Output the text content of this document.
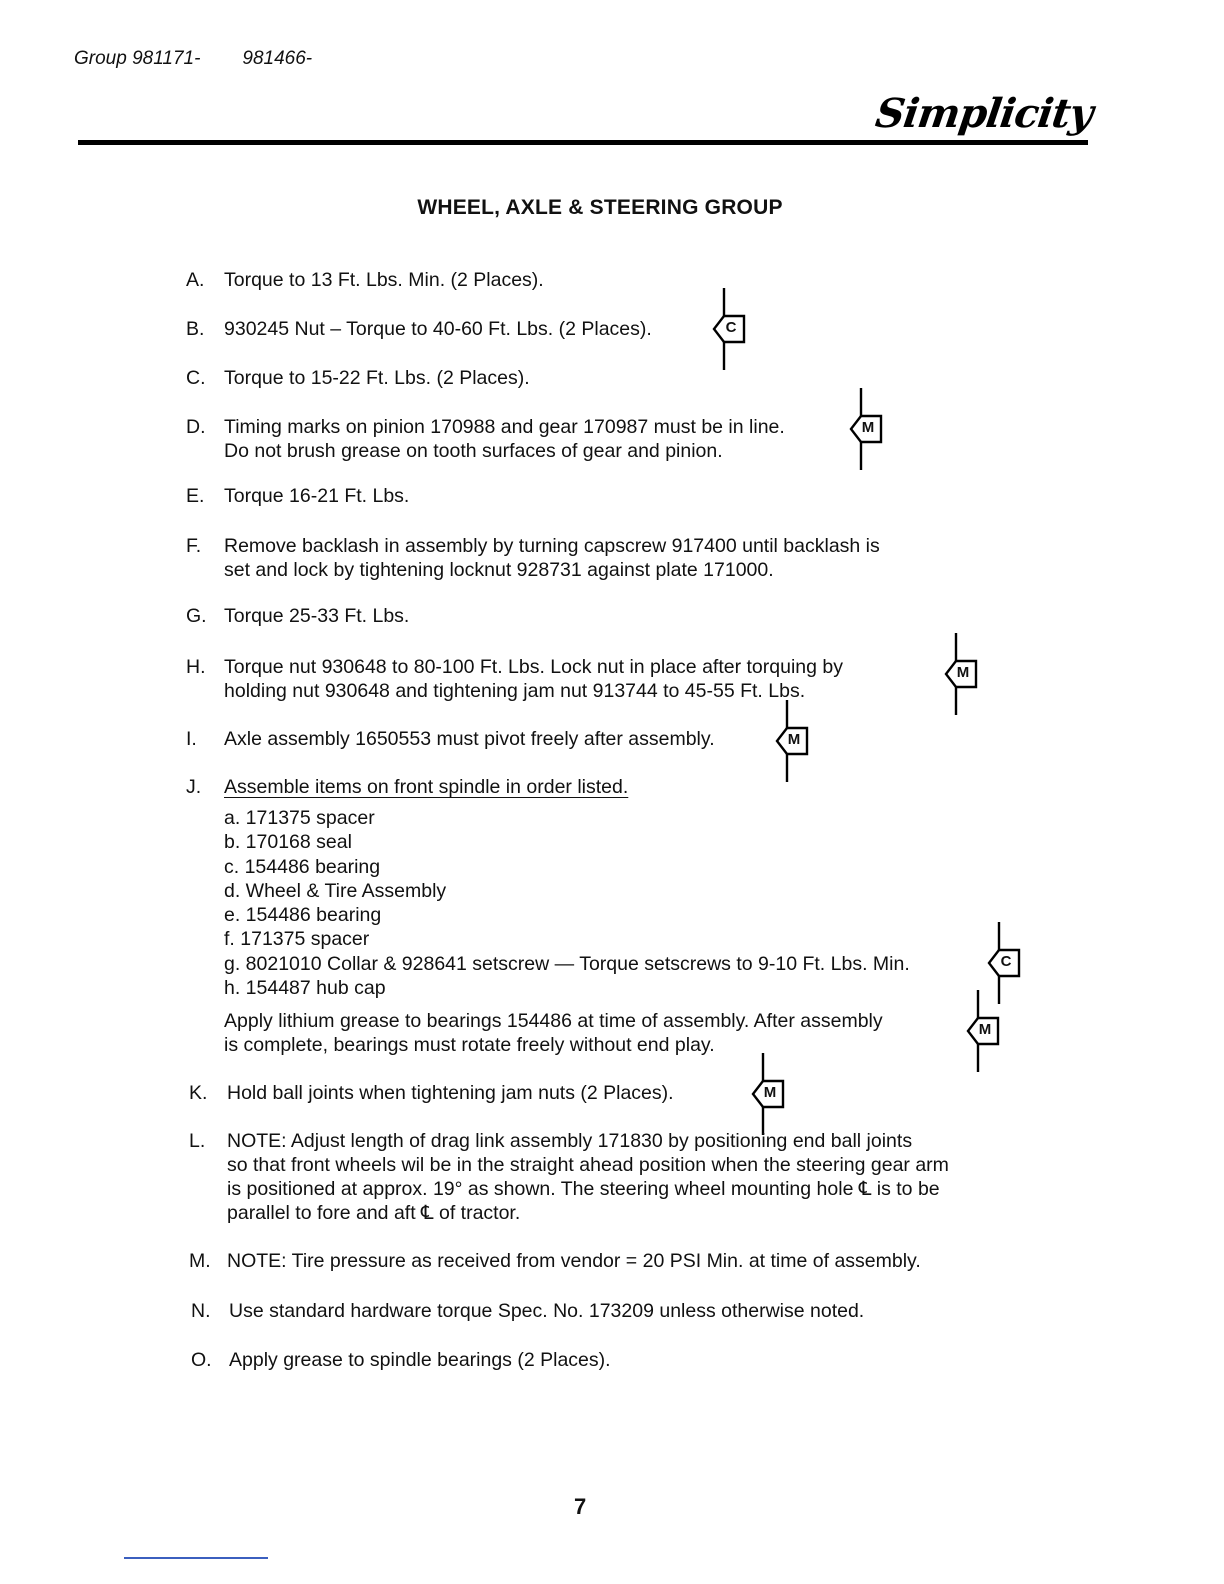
Group 981171- 981466-
Simplicity
WHEEL, AXLE & STEERING GROUP
A. Torque to 13 Ft. Lbs. Min. (2 Places).
B. 930245 Nut – Torque to 40-60 Ft. Lbs. (2 Places).	C
C. Torque to 15-22 Ft. Lbs. (2 Places).
D. Timing marks on pinion 170988 and gear 170987 must be in line.
Do not brush grease on tooth surfaces of gear and pinion.
M
E. Torque 16-21 Ft. Lbs.
F. Remove backlash in assembly by turning capscrew 917400 until backlash is
set and lock by tightening locknut 928731 against plate 171000.
G. Torque 25-33 Ft. Lbs.
H. Torque nut 930648 to 80-100 Ft. Lbs. Lock nut in place after torquing by
holding nut 930648 and tightening jam nut 913744 to 45-55 Ft. Lbs.
M
I. Axle assembly 1650553 must pivot freely after assembly.	M
J. Assemble items on front spindle in order listed.
a. 171375 spacer
b. 170168 seal
c. 154486 bearing
d. Wheel & Tire Assembly
e. 154486 bearing
f. 171375 spacer
g. 8021010 Collar & 928641 setscrew — Torque setscrews to 9-10 Ft. Lbs. Min.
h. 154487 hub cap
C
Apply lithium grease to bearings 154486 at time of assembly. After assembly
is complete, bearings must rotate freely without end play.
M
K. Hold ball joints when tightening jam nuts (2 Places).	M
L. NOTE: Adjust length of drag link assembly 171830 by positioning end ball joints
so that front wheels wil be in the straight ahead position when the steering gear arm
is positioned at approx. 19° as shown. The steering wheel mounting hole ℄ is to be
parallel to fore and aft ℄ of tractor.
M. NOTE: Tire pressure as received from vendor = 20 PSI Min. at time of assembly.
N. Use standard hardware torque Spec. No. 173209 unless otherwise noted.
O. Apply grease to spindle bearings (2 Places).
7
